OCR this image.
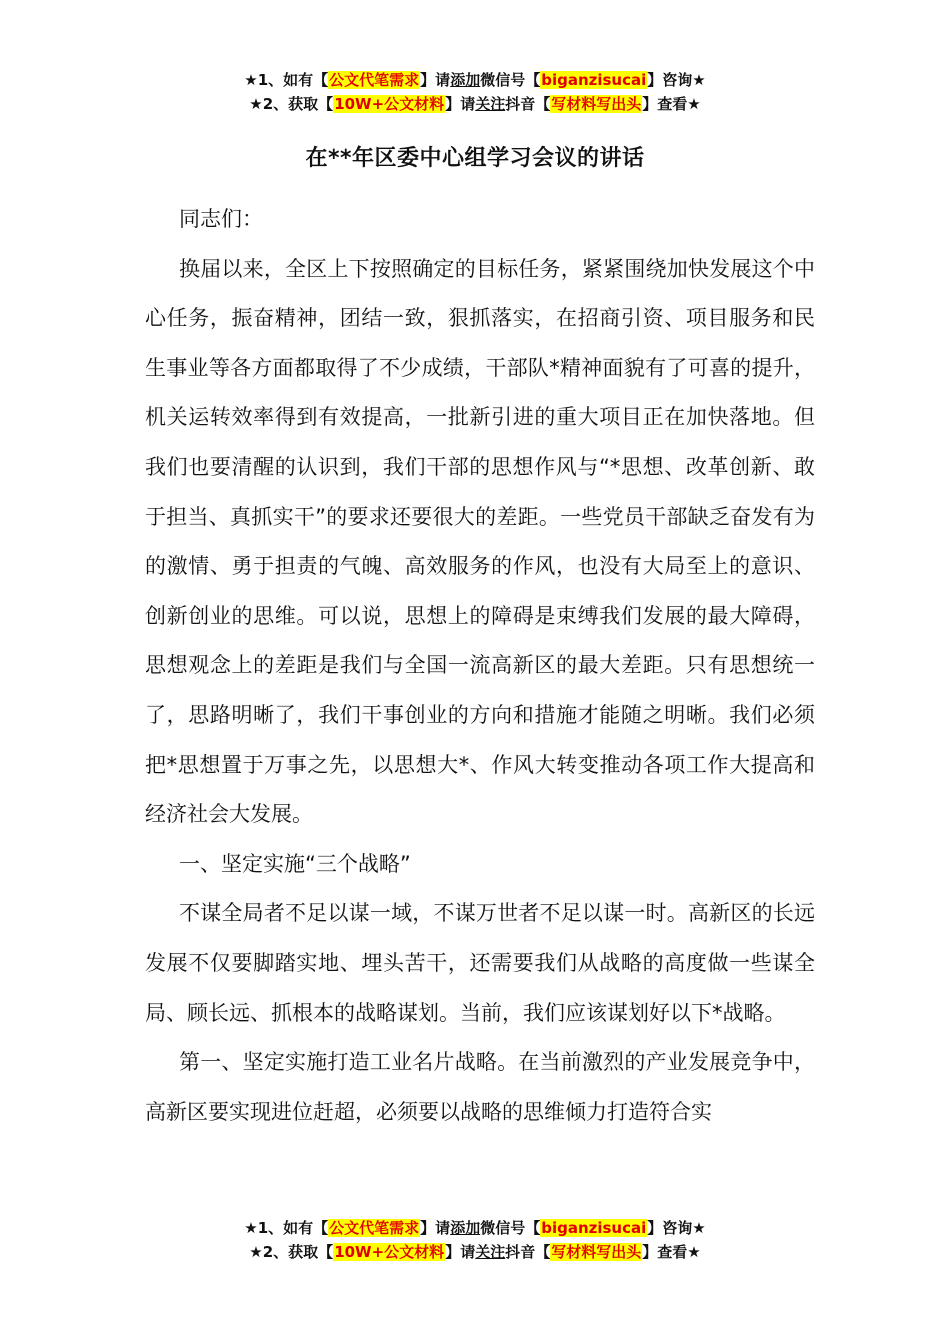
★1、如有【公文代笔需求】请添加微信号【biganzisucai】咨询★
★2、获取【10W+公文材料】请关注抖音【写材料写出头】查看★
在**年区委中心组学习会议的讲话

同志们：

换届以来，全区上下按照确定的目标任务，紧紧围绕加快发展这个中心任务，振奋精神，团结一致，狠抓落实，在招商引资、项目服务和民生事业等各方面都取得了不少成绩，干部队*精神面貌有了可喜的提升，机关运转效率得到有效提高，一批新引进的重大项目正在加快落地。但我们也要清醒的认识到，我们干部的思想作风与“*思想、改革创新、敢于担当、真抓实干”的要求还要很大的差距。一些党员干部缺乏奋发有为的激情、勇于担责的气魄、高效服务的作风，也没有大局至上的意识、创新创业的思维。可以说，思想上的障碍是束缚我们发展的最大障碍，思想观念上的差距是我们与全国一流高新区的最大差距。只有思想统一了，思路明晰了，我们干事创业的方向和措施才能随之明晰。我们必须把*思想置于万事之先，以思想大*、作风大转变推动各项工作大提高和经济社会大发展。

一、坚定实施“三个战略”

不谋全局者不足以谋一域，不谋万世者不足以谋一时。高新区的长远发展不仅要脚踏实地、埋头苦干，还需要我们从战略的高度做一些谋全局、顾长远、抓根本的战略谋划。当前，我们应该谋划好以下*战略。

第一、坚定实施打造工业名片战略。在当前激烈的产业发展竞争中，高新区要实现进位赶超，必须要以战略的思维倾力打造符合实

★1、如有【公文代笔需求】请添加微信号【biganzisucai】咨询★
★2、获取【10W+公文材料】请关注抖音【写材料写出头】查看★
